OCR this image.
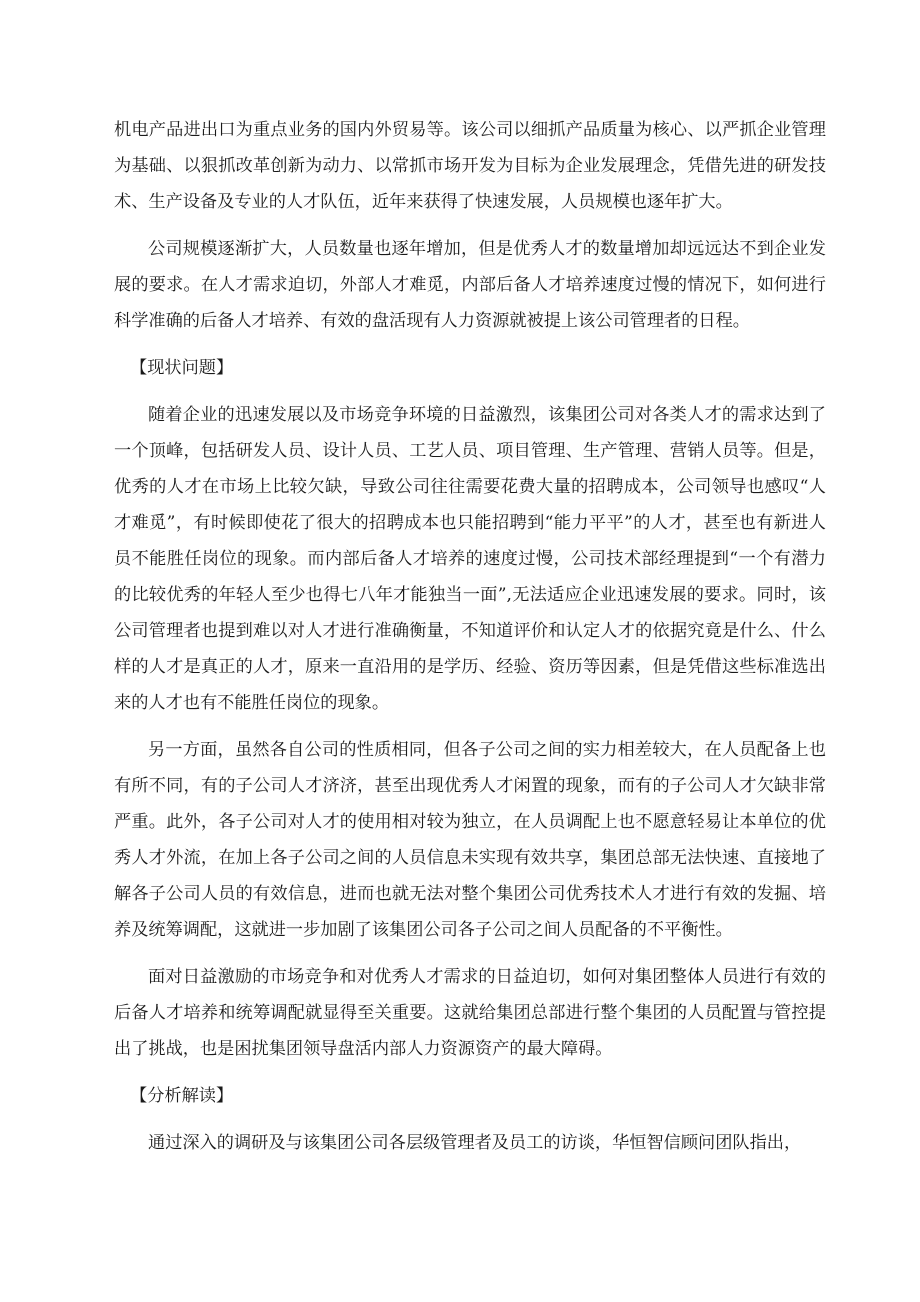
机电产品进出口为重点业务的国内外贸易等。该公司以细抓产品质量为核心、以严抓企业管理为基础、以狠抓改革创新为动力、以常抓市场开发为目标为企业发展理念，凭借先进的研发技术、生产设备及专业的人才队伍，近年来获得了快速发展，人员规模也逐年扩大。

公司规模逐渐扩大，人员数量也逐年增加，但是优秀人才的数量增加却远远达不到企业发展的要求。在人才需求迫切，外部人才难觅，内部后备人才培养速度过慢的情况下，如何进行科学准确的后备人才培养、有效的盘活现有人力资源就被提上该公司管理者的日程。

【现状问题】

随着企业的迅速发展以及市场竞争环境的日益激烈，该集团公司对各类人才的需求达到了一个顶峰，包括研发人员、设计人员、工艺人员、项目管理、生产管理、营销人员等。但是，优秀的人才在市场上比较欠缺，导致公司往往需要花费大量的招聘成本，公司领导也感叹“人才难觅”，有时候即使花了很大的招聘成本也只能招聘到“能力平平”的人才，甚至也有新进人员不能胜任岗位的现象。而内部后备人才培养的速度过慢，公司技术部经理提到“一个有潜力的比较优秀的年轻人至少也得七八年才能独当一面”,无法适应企业迅速发展的要求。同时，该公司管理者也提到难以对人才进行准确衡量，不知道评价和认定人才的依据究竟是什么、什么样的人才是真正的人才，原来一直沿用的是学历、经验、资历等因素，但是凭借这些标准选出来的人才也有不能胜任岗位的现象。

另一方面，虽然各自公司的性质相同，但各子公司之间的实力相差较大，在人员配备上也有所不同，有的子公司人才济济，甚至出现优秀人才闲置的现象，而有的子公司人才欠缺非常严重。此外，各子公司对人才的使用相对较为独立，在人员调配上也不愿意轻易让本单位的优秀人才外流，在加上各子公司之间的人员信息未实现有效共享，集团总部无法快速、直接地了解各子公司人员的有效信息，进而也就无法对整个集团公司优秀技术人才进行有效的发掘、培养及统筹调配，这就进一步加剧了该集团公司各子公司之间人员配备的不平衡性。

面对日益激励的市场竞争和对优秀人才需求的日益迫切，如何对集团整体人员进行有效的后备人才培养和统筹调配就显得至关重要。这就给集团总部进行整个集团的人员配置与管控提出了挑战，也是困扰集团领导盘活内部人力资源资产的最大障碍。

【分析解读】

通过深入的调研及与该集团公司各层级管理者及员工的访谈，华恒智信顾问团队指出，
